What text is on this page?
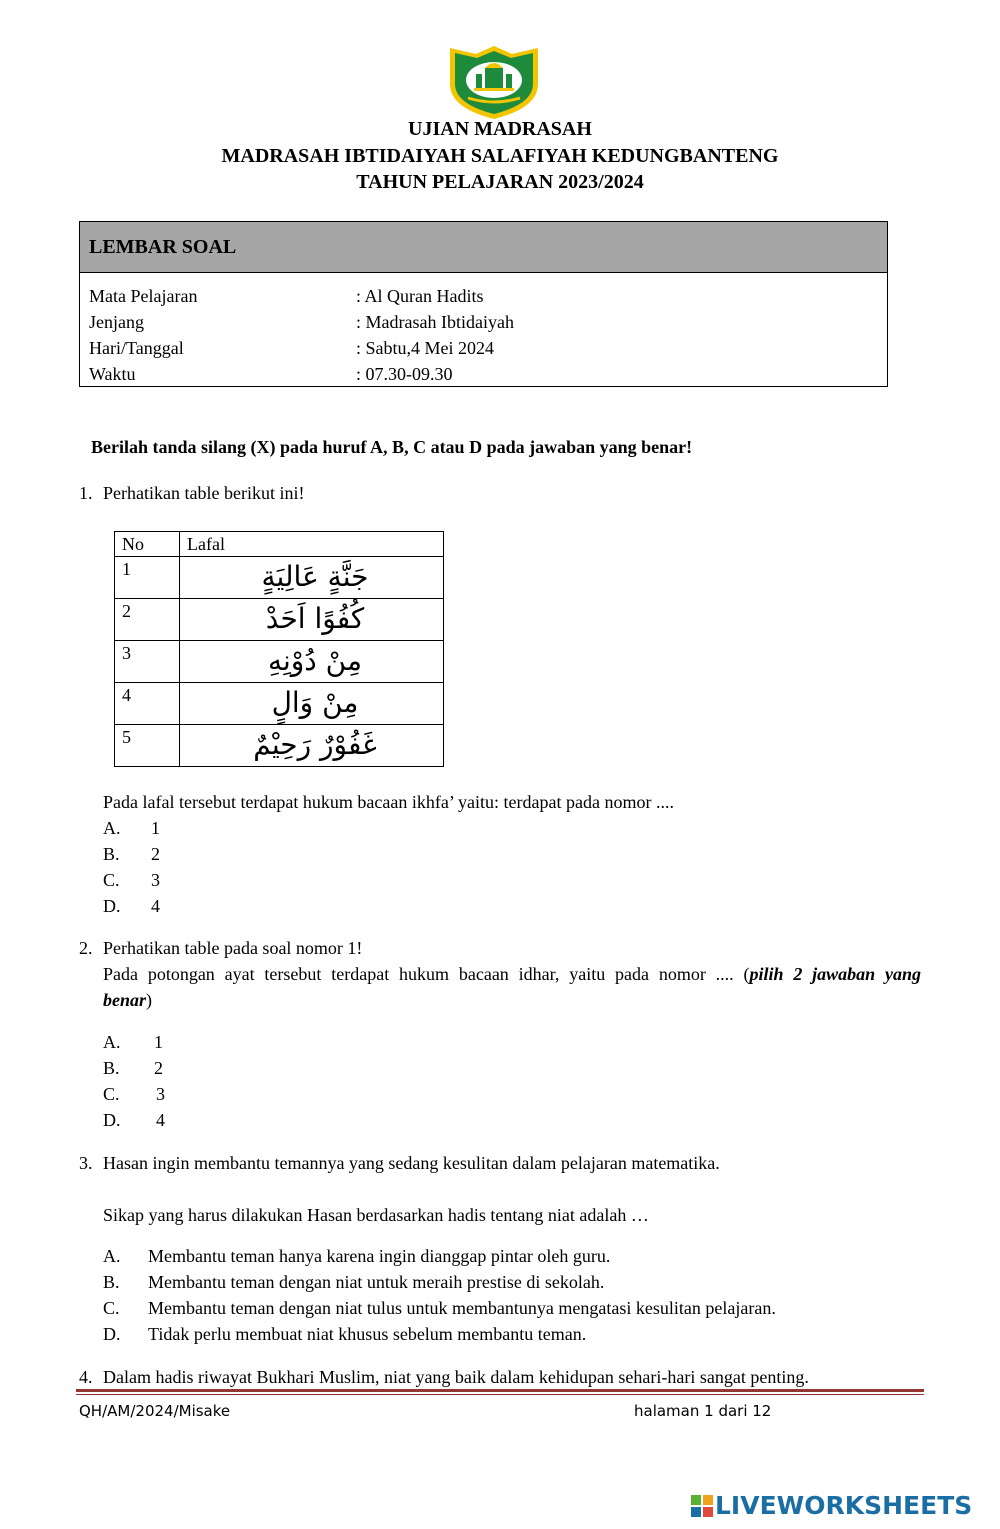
UJIAN MADRASAH
MADRASAH IBTIDAIYAH SALAFIYAH KEDUNGBANTENG
TAHUN PELAJARAN 2023/2024
LEMBAR SOAL
Mata Pelajaran	: Al Quran Hadits
Jenjang	: Madrasah Ibtidaiyah
Hari/Tanggal	: Sabtu,4 Mei 2024
Waktu	: 07.30-09.30
Berilah tanda silang (X) pada huruf A, B, C atau D pada jawaban yang benar!
1. Perhatikan table berikut ini!
No	Lafal
1	جَنَّةٍ عَالِيَةٍ
2	كُفُوًا اَحَدْ
3	مِنْ دُوْنِهِ
4	مِنْ وَالٍ
5	غَفُوْرٌ رَحِيْمٌ
Pada lafal tersebut terdapat hukum bacaan ikhfa’ yaitu: terdapat pada nomor ....
A. 1
B. 2
C. 3
D. 4
2. Perhatikan table pada soal nomor 1!
Pada potongan ayat tersebut terdapat hukum bacaan idhar, yaitu pada nomor .... (pilih 2 jawaban yang
benar)
A. 1
B. 2
C. 3
D. 4
3. Hasan ingin membantu temannya yang sedang kesulitan dalam pelajaran matematika.
Sikap yang harus dilakukan Hasan berdasarkan hadis tentang niat adalah …
A. Membantu teman hanya karena ingin dianggap pintar oleh guru.
B. Membantu teman dengan niat untuk meraih prestise di sekolah.
C. Membantu teman dengan niat tulus untuk membantunya mengatasi kesulitan pelajaran.
D. Tidak perlu membuat niat khusus sebelum membantu teman.
4. Dalam hadis riwayat Bukhari Muslim, niat yang baik dalam kehidupan sehari-hari sangat penting.
QH/AM/2024/Misake	halaman 1 dari 12
LIVEWORKSHEETS
